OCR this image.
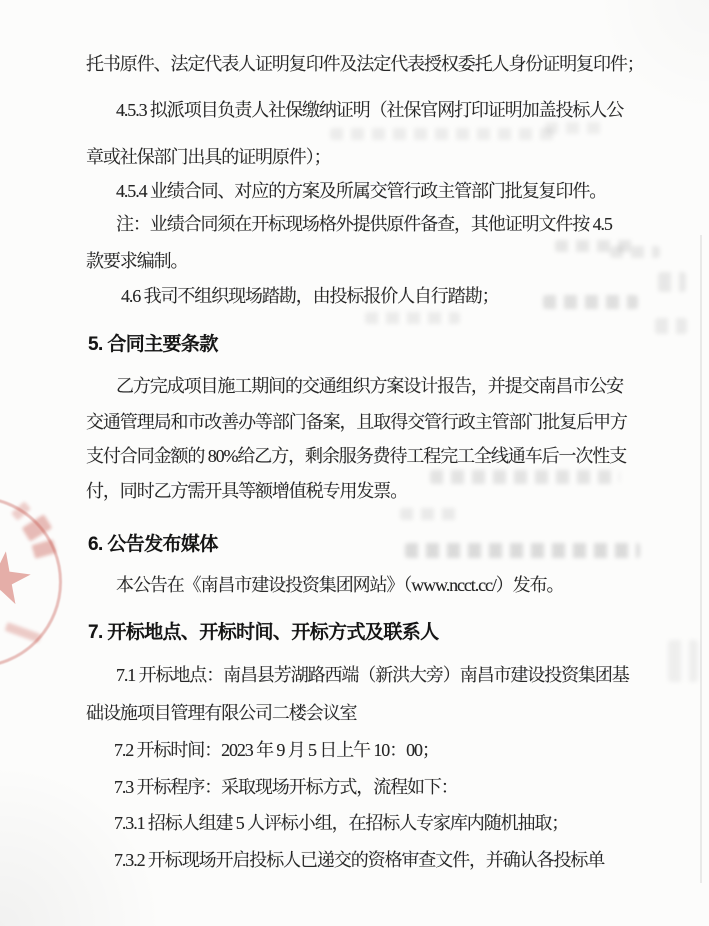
托书原件、法定代表人证明复印件及法定代表授权委托人身份证明复印件；
4.5.3 拟派项目负责人社保缴纳证明（社保官网打印证明加盖投标人公
章或社保部门出具的证明原件）；
4.5.4 业绩合同、对应的方案及所属交管行政主管部门批复复印件。
注：业绩合同须在开标现场格外提供原件备查，其他证明文件按 4.5
款要求编制。
4.6 我司不组织现场踏勘，由投标报价人自行踏勘；
5. 合同主要条款
乙方完成项目施工期间的交通组织方案设计报告，并提交南昌市公安
交通管理局和市改善办等部门备案，且取得交管行政主管部门批复后甲方
支付合同金额的 80%给乙方，剩余服务费待工程完工全线通车后一次性支
付，同时乙方需开具等额增值税专用发票。
6. 公告发布媒体
本公告在《南昌市建设投资集团网站》（www.ncct.cc/）发布。
7. 开标地点、开标时间、开标方式及联系人
7.1 开标地点：南昌县芳湖路西端（新洪大旁）南昌市建设投资集团基
础设施项目管理有限公司二楼会议室
7.2 开标时间：2023 年 9 月 5 日上午 10：00；
7.3 开标程序：采取现场开标方式，流程如下：
7.3.1 招标人组建 5 人评标小组，在招标人专家库内随机抽取；
7.3.2 开标现场开启投标人已递交的资格审查文件，并确认各投标单
